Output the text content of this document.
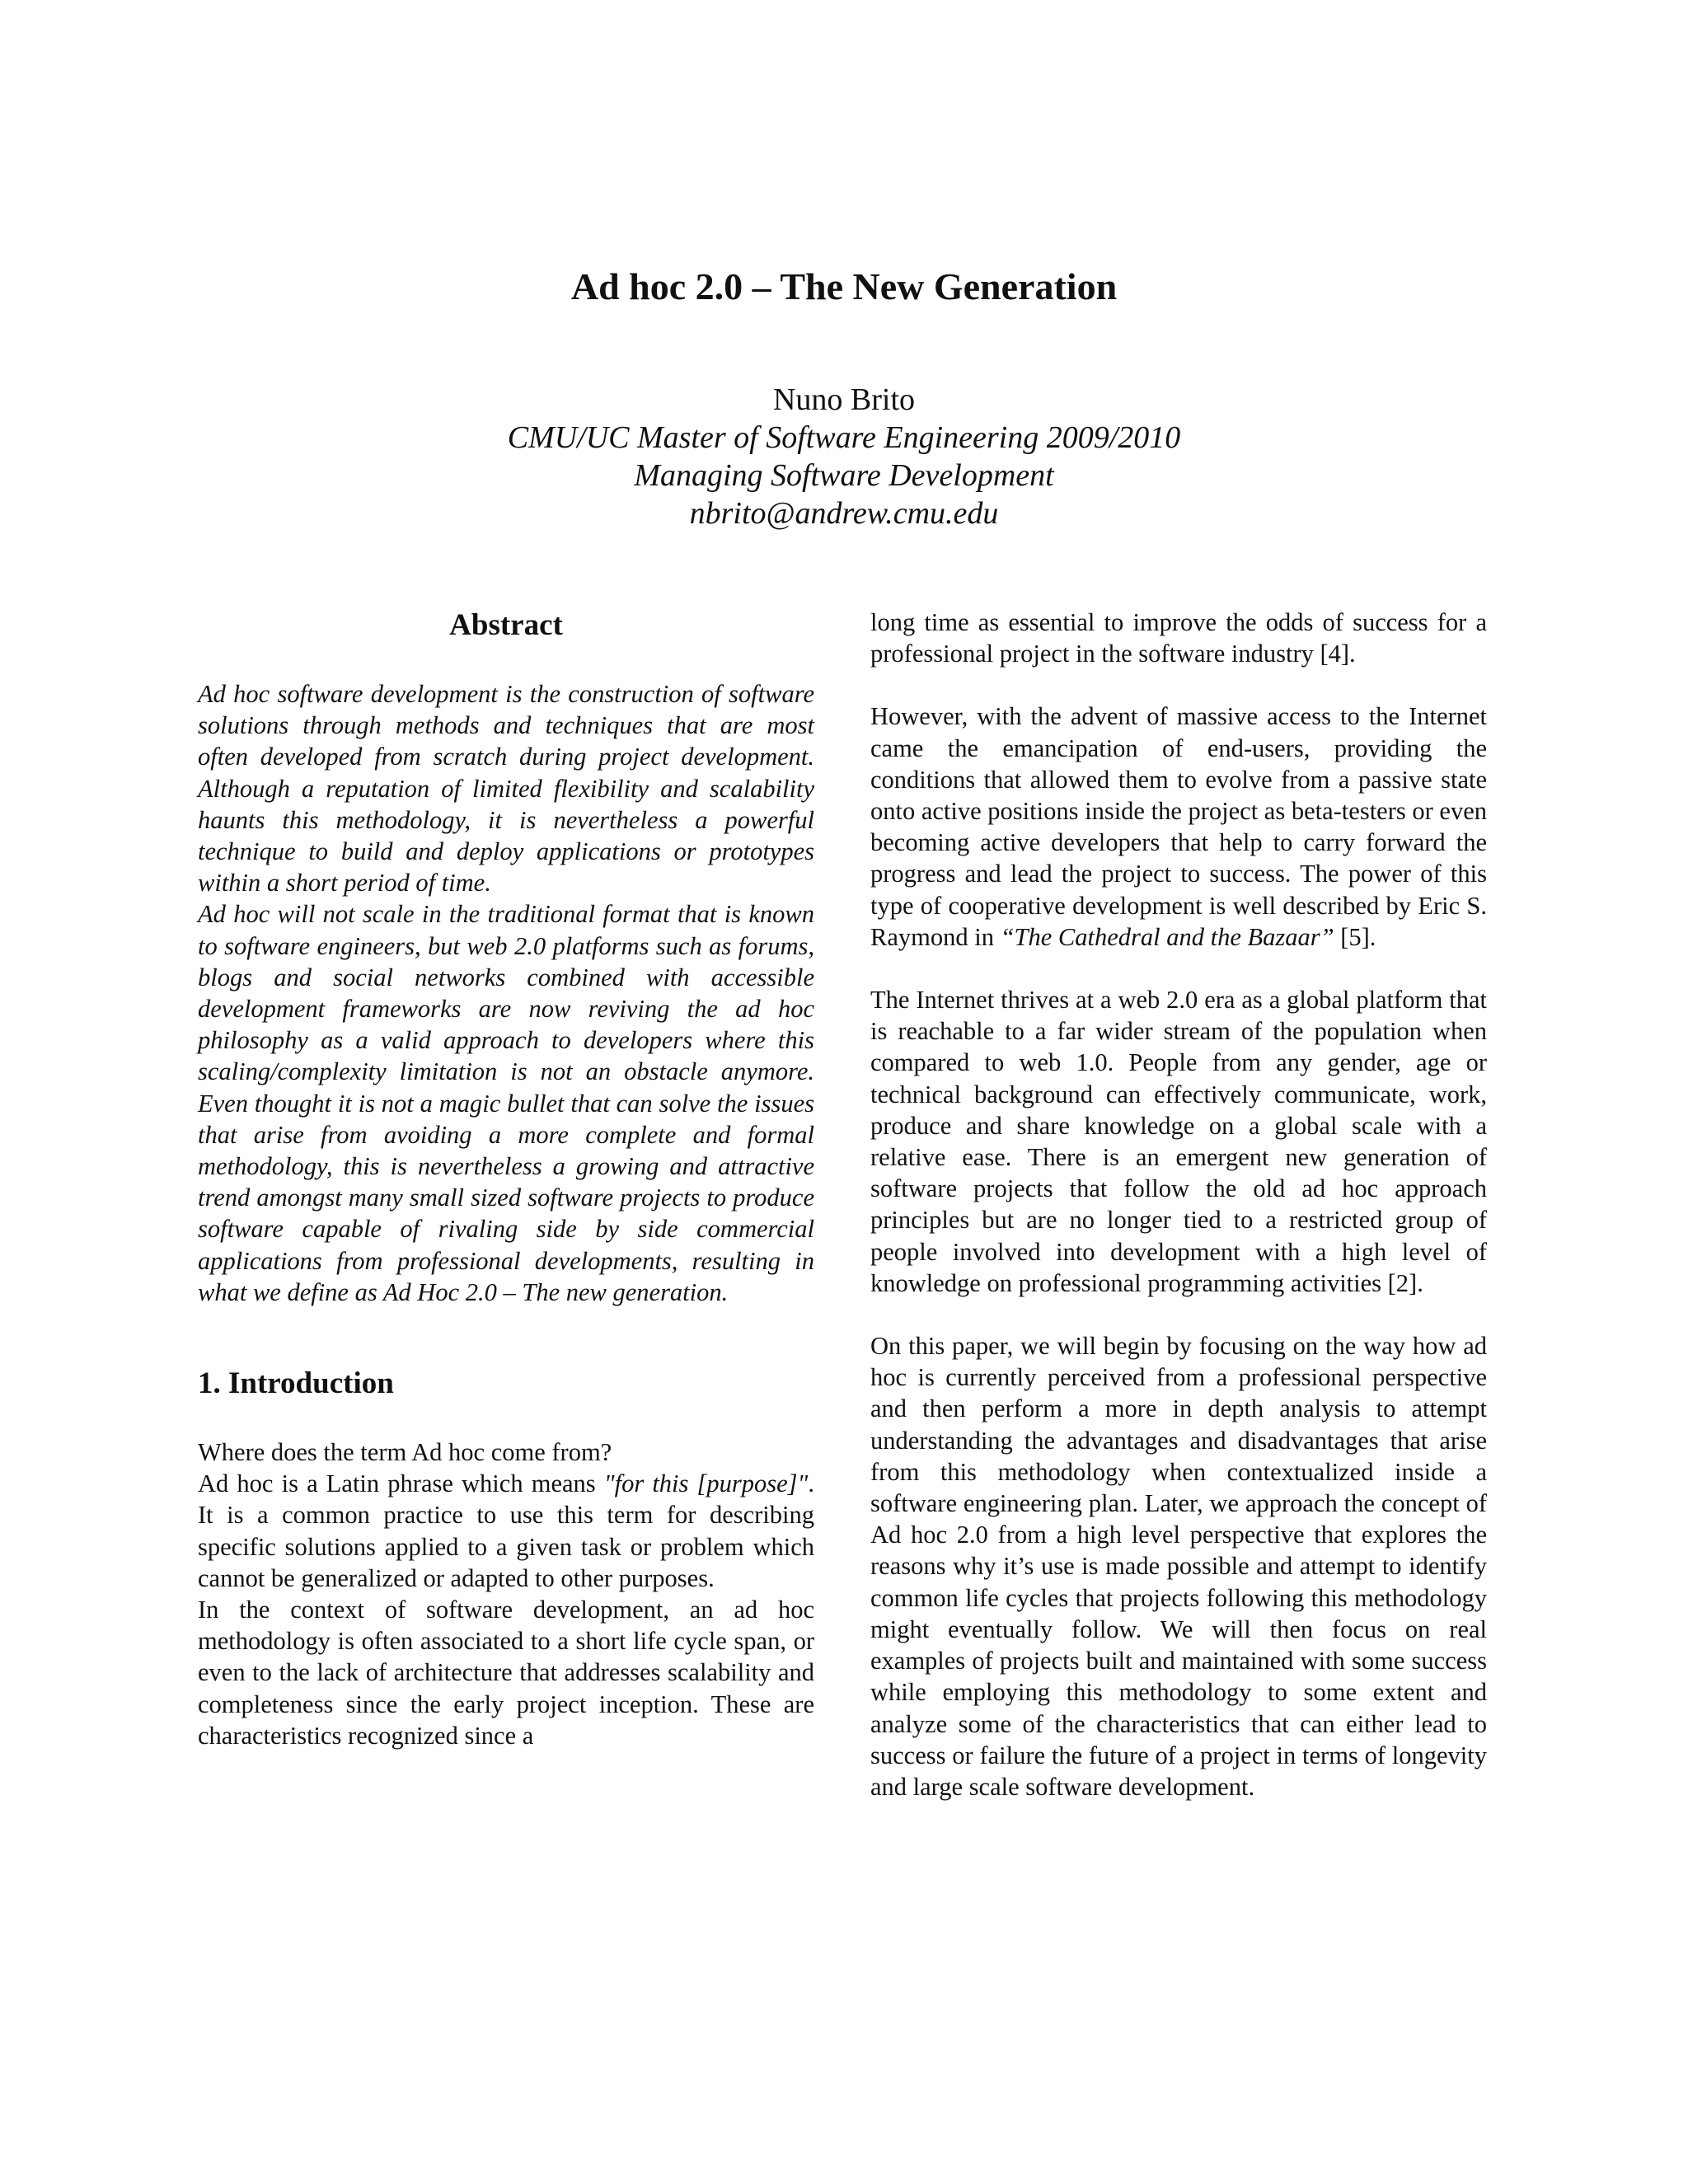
Ad hoc 2.0 – The New Generation
Nuno Brito
CMU/UC Master of Software Engineering 2009/2010
Managing Software Development
nbrito@andrew.cmu.edu
Abstract

Ad hoc software development is the construction of software solutions through methods and techniques that are most often developed from scratch during project development. Although a reputation of limited flexibility and scalability haunts this methodology, it is nevertheless a powerful technique to build and deploy applications or prototypes within a short period of time.

Ad hoc will not scale in the traditional format that is known to software engineers, but web 2.0 platforms such as forums, blogs and social networks combined with accessible development frameworks are now reviving the ad hoc philosophy as a valid approach to developers where this scaling/complexity limitation is not an obstacle anymore. Even thought it is not a magic bullet that can solve the issues that arise from avoiding a more complete and formal methodology, this is nevertheless a growing and attractive trend amongst many small sized software projects to produce software capable of rivaling side by side commercial applications from professional developments, resulting in what we define as Ad Hoc 2.0 – The new generation.

1. Introduction

Where does the term Ad hoc come from?

Ad hoc is a Latin phrase which means "for this [purpose]". It is a common practice to use this term for describing specific solutions applied to a given task or problem which cannot be generalized or adapted to other purposes.

In the context of software development, an ad hoc methodology is often associated to a short life cycle span, or even to the lack of architecture that addresses scalability and completeness since the early project inception. These are characteristics recognized since a

long time as essential to improve the odds of success for a professional project in the software industry [4].

However, with the advent of massive access to the Internet came the emancipation of end-users, providing the conditions that allowed them to evolve from a passive state onto active positions inside the project as beta-testers or even becoming active developers that help to carry forward the progress and lead the project to success. The power of this type of cooperative development is well described by Eric S. Raymond in “The Cathedral and the Bazaar” [5].

The Internet thrives at a web 2.0 era as a global platform that is reachable to a far wider stream of the population when compared to web 1.0. People from any gender, age or technical background can effectively communicate, work, produce and share knowledge on a global scale with a relative ease. There is an emergent new generation of software projects that follow the old ad hoc approach principles but are no longer tied to a restricted group of people involved into development with a high level of knowledge on professional programming activities [2].

On this paper, we will begin by focusing on the way how ad hoc is currently perceived from a professional perspective and then perform a more in depth analysis to attempt understanding the advantages and disadvantages that arise from this methodology when contextualized inside a software engineering plan. Later, we approach the concept of Ad hoc 2.0 from a high level perspective that explores the reasons why it’s use is made possible and attempt to identify common life cycles that projects following this methodology might eventually follow. We will then focus on real examples of projects built and maintained with some success while employing this methodology to some extent and analyze some of the characteristics that can either lead to success or failure the future of a project in terms of longevity and large scale software development.
